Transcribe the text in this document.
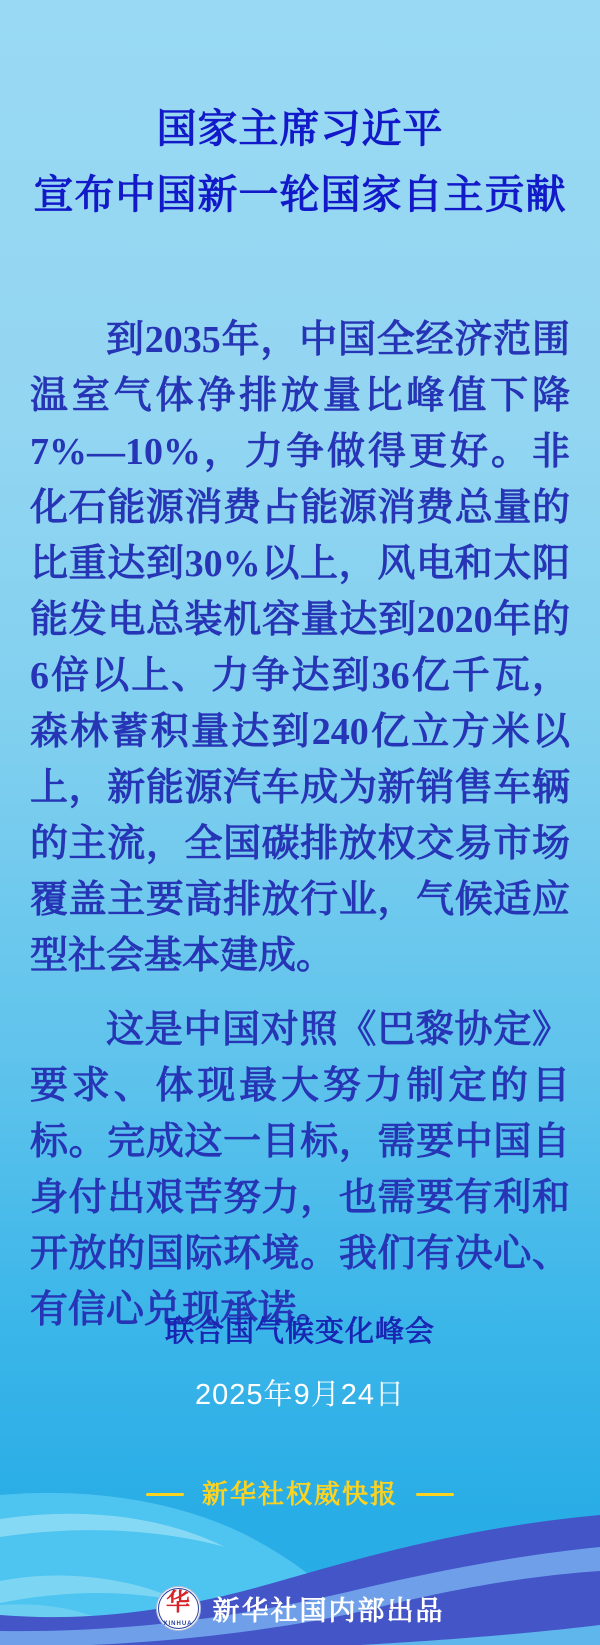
国家主席习近平
宣布中国新一轮国家自主贡献

到2035年，中国全经济范围温室气体净排放量比峰值下降7%—10%，力争做得更好。非化石能源消费占能源消费总量的比重达到30%以上，风电和太阳能发电总装机容量达到2020年的6倍以上、力争达到36亿千瓦，森林蓄积量达到240亿立方米以上，新能源汽车成为新销售车辆的主流，全国碳排放权交易市场覆盖主要高排放行业，气候适应型社会基本建成。

这是中国对照《巴黎协定》要求、体现最大努力制定的目标。完成这一目标，需要中国自身付出艰苦努力，也需要有利和开放的国际环境。我们有决心、有信心兑现承诺。

联合国气候变化峰会
2025年9月24日
新华社权威快报
华
XINHUA 新华社国内部出品
